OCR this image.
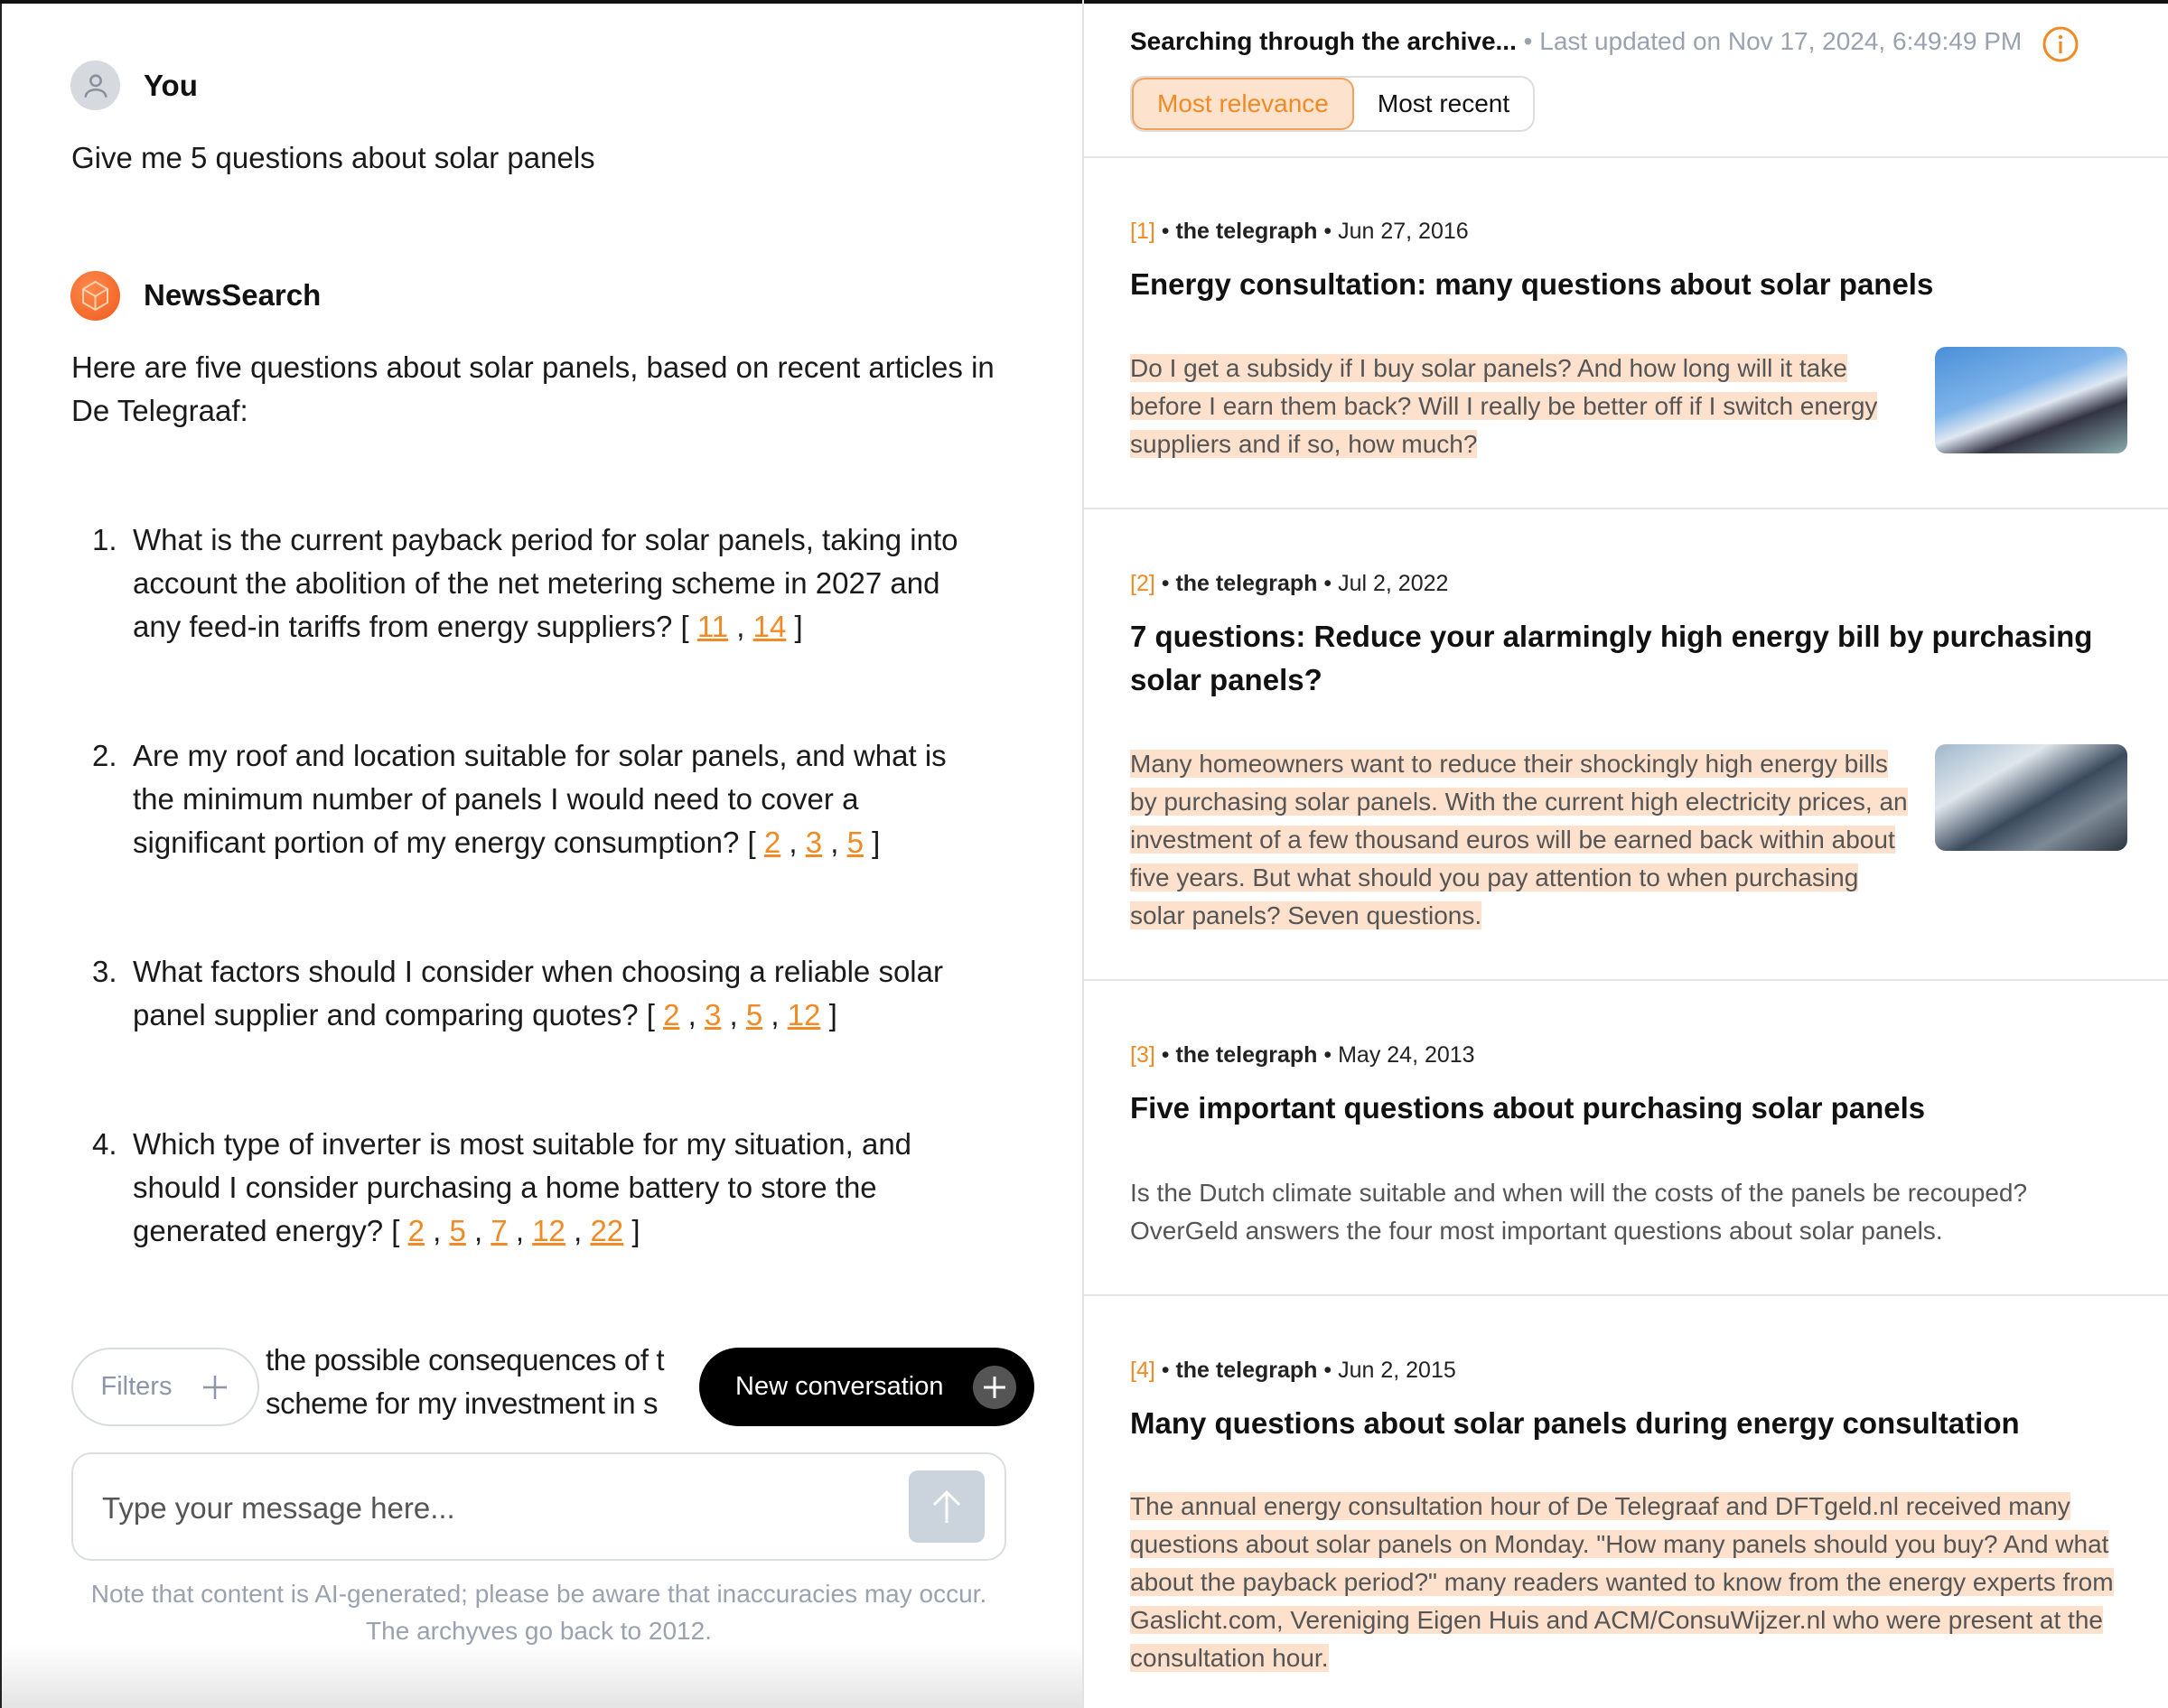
You
Give me 5 questions about solar panels
NewsSearch
Here are five questions about solar panels, based on recent articles in De Telegraaf:
1. What is the current payback period for solar panels, taking into
account the abolition of the net metering scheme in 2027 and
any feed-in tariffs from energy suppliers? [ 11 , 14 ]
2. Are my roof and location suitable for solar panels, and what is
the minimum number of panels I would need to cover a
significant portion of my energy consumption? [ 2 , 3 , 5 ]
3. What factors should I consider when choosing a reliable solar
panel supplier and comparing quotes? [ 2 , 3 , 5 , 12 ]
4. Which type of inverter is most suitable for my situation, and
should I consider purchasing a home battery to store the
generated energy? [ 2 , 5 , 7 , 12 , 22 ]
the possible consequences of t
scheme for my investment in s
Filters	New conversation
Type your message here...
Note that content is AI-generated; please be aware that inaccuracies may occur. The archyves go back to 2012.
Searching through the archive... • Last updated on Nov 17, 2024, 6:49:49 PM
Most relevance	Most recent
[1] • the telegraph • Jun 27, 2016
Energy consultation: many questions about solar panels
Do I get a subsidy if I buy solar panels? And how long will it take before I earn them back? Will I really be better off if I switch energy suppliers and if so, how much?
[2] • the telegraph • Jul 2, 2022
7 questions: Reduce your alarmingly high energy bill by purchasing solar panels?
Many homeowners want to reduce their shockingly high energy bills by purchasing solar panels. With the current high electricity prices, an investment of a few thousand euros will be earned back within about five years. But what should you pay attention to when purchasing solar panels? Seven questions.
[3] • the telegraph • May 24, 2013
Five important questions about purchasing solar panels
Is the Dutch climate suitable and when will the costs of the panels be recouped? OverGeld answers the four most important questions about solar panels.
[4] • the telegraph • Jun 2, 2015
Many questions about solar panels during energy consultation
The annual energy consultation hour of De Telegraaf and DFTgeld.nl received many questions about solar panels on Monday. "How many panels should you buy? And what about the payback period?" many readers wanted to know from the energy experts from Gaslicht.com, Vereniging Eigen Huis and ACM/ConsuWijzer.nl who were present at the consultation hour.
